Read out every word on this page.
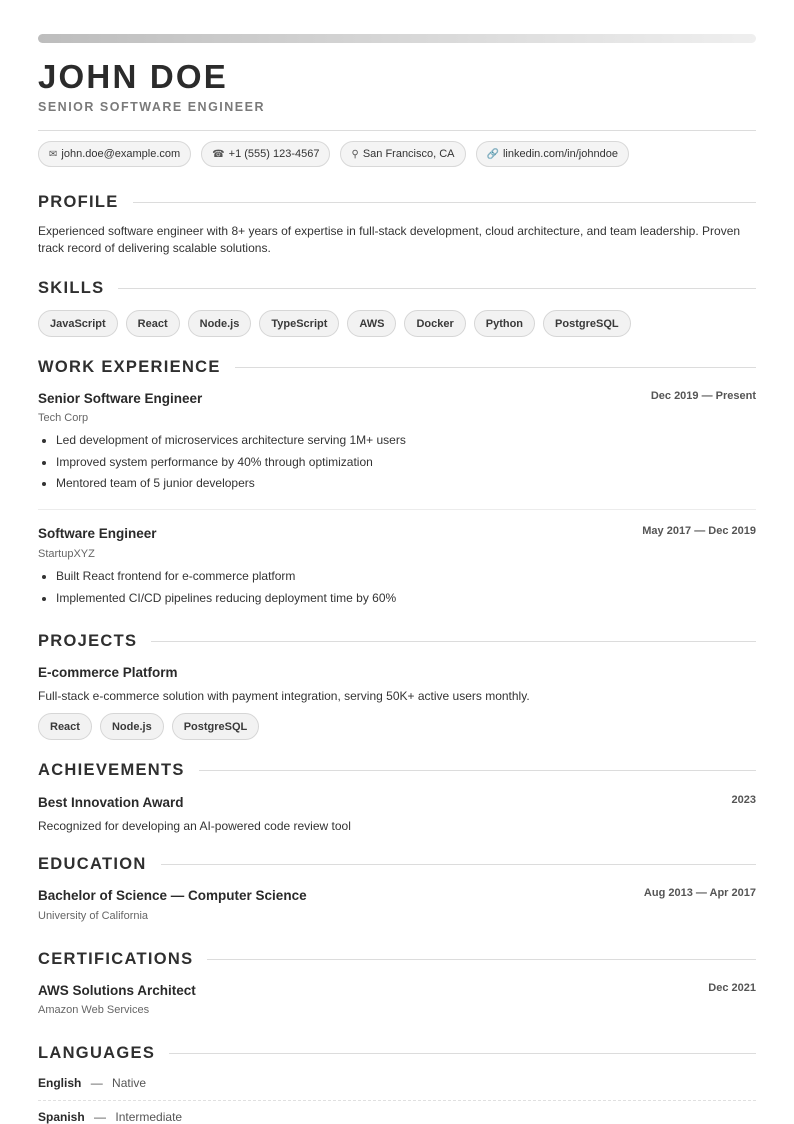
JOHN DOE
SENIOR SOFTWARE ENGINEER
✉ john.doe@example.com	☎ +1 (555) 123-4567	⚲ San Francisco, CA	🔗 linkedin.com/in/johndoe
PROFILE
Experienced software engineer with 8+ years of expertise in full-stack development, cloud architecture, and team leadership. Proven track record of delivering scalable solutions.
SKILLS
JavaScript	React	Node.js	TypeScript	AWS	Docker	Python	PostgreSQL
WORK EXPERIENCE
Senior Software Engineer	Dec 2019 — Present
Tech Corp
• Led development of microservices architecture serving 1M+ users
• Improved system performance by 40% through optimization
• Mentored team of 5 junior developers
Software Engineer	May 2017 — Dec 2019
StartupXYZ
• Built React frontend for e-commerce platform
• Implemented CI/CD pipelines reducing deployment time by 60%
PROJECTS
E-commerce Platform
Full-stack e-commerce solution with payment integration, serving 50K+ active users monthly.
React	Node.js	PostgreSQL
ACHIEVEMENTS
Best Innovation Award	2023
Recognized for developing an AI-powered code review tool
EDUCATION
Bachelor of Science — Computer Science	Aug 2013 — Apr 2017
University of California
CERTIFICATIONS
AWS Solutions Architect	Dec 2021
Amazon Web Services
LANGUAGES
English — Native
Spanish — Intermediate
